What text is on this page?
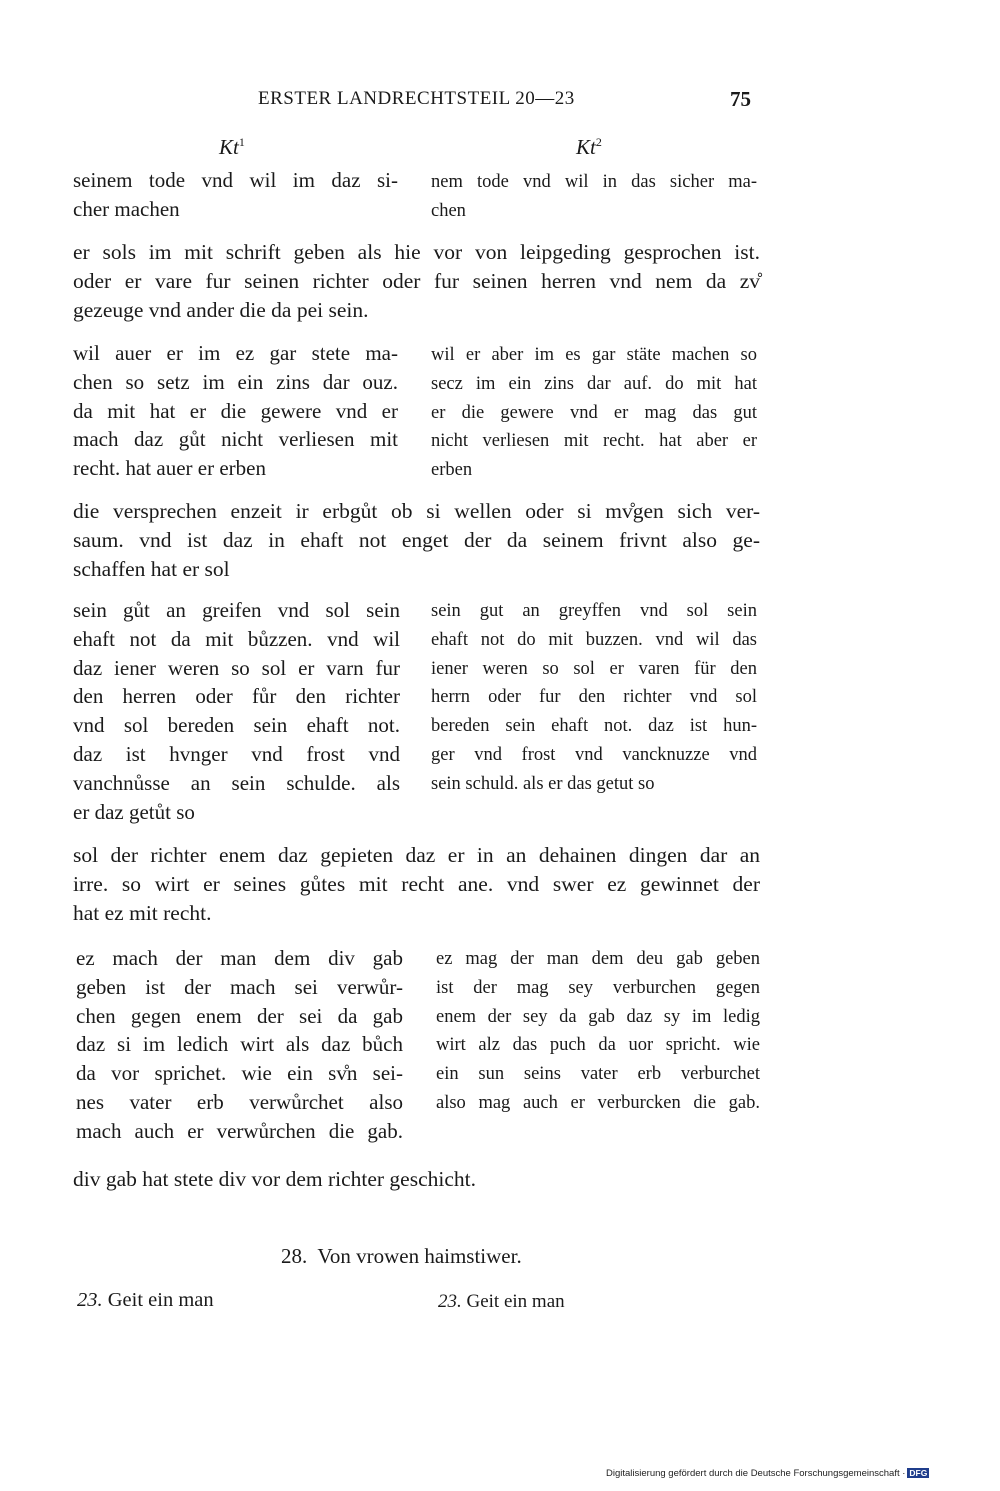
ERSTER LANDRECHTSTEIL 20—23	75
Kt$^1$	Kt$^2$
seinem tode vnd wil im daz si-
cher machen
nem tode vnd wil in das sicher ma-
chen
er sols im mit schrift geben als hie vor von leipgeding gesprochen ist.
oder er vare fur seinen richter oder fur seinen herren vnd nem da zv̊
gezeuge vnd ander die da pei sein.
wil auer er im ez gar stete ma-
chen so setz im ein zins dar ouz.
da mit hat er die gewere vnd er
mach daz gůt nicht verliesen mit
recht. hat auer er erben
wil er aber im es gar stäte machen so
secz im ein zins dar auf. do mit hat
er die gewere vnd er mag das gut
nicht verliesen mit recht. hat aber er
erben
die versprechen enzeit ir erbgůt ob si wellen oder si mv̊gen sich ver-
saum. vnd ist daz in ehaft not enget der da seinem frivnt also ge-
schaffen hat er sol
sein gůt an greifen vnd sol sein
ehaft not da mit bůzzen. vnd wil
daz iener weren so sol er varn fur
den herren oder fůr den richter
vnd sol bereden sein ehaft not.
daz ist hvnger vnd frost vnd
vanchnůsse an sein schulde. als
er daz getůt so
sein gut an greyffen vnd sol sein
ehaft not do mit buzzen. vnd wil das
iener weren so sol er varen für den
herrn oder fur den richter vnd sol
bereden sein ehaft not. daz ist hun-
ger vnd frost vnd vancknuzze vnd
sein schuld. als er das getut so
sol der richter enem daz gepieten daz er in an dehainen dingen dar an
irre. so wirt er seines gůtes mit recht ane. vnd swer ez gewinnet der
hat ez mit recht.
ez mach der man dem div gab
geben ist der mach sei verwůr-
chen gegen enem der sei da gab
daz si im ledich wirt als daz bůch
da vor sprichet. wie ein sv̊n sei-
nes vater erb verwůrchet also
mach auch er verwůrchen die gab.
ez mag der man dem deu gab geben
ist der mag sey verburchen gegen
enem der sey da gab daz sy im ledig
wirt alz das puch da uor spricht. wie
ein sun seins vater erb verburchet
also mag auch er verburcken die gab.
div gab hat stete div vor dem richter geschicht.
28. Von vrowen haimstiwer.
23. Geit ein man	23. Geit ein man
Digitalisierung gefördert durch die Deutsche Forschungsgemeinschaft · DFG
